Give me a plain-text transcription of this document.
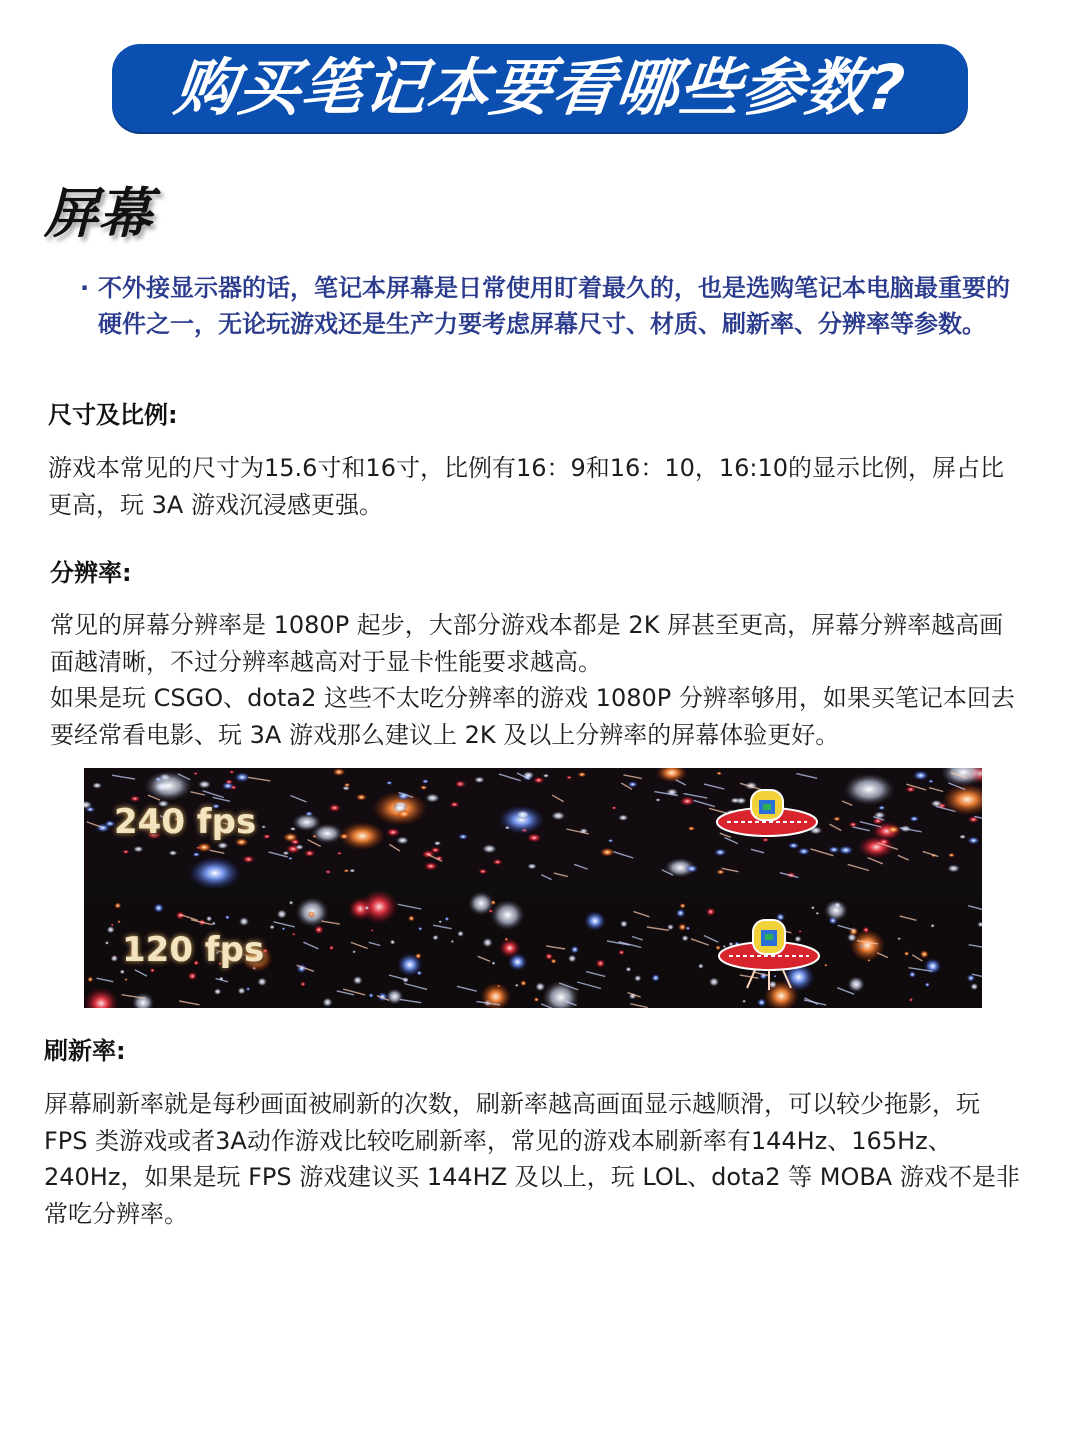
购买笔记本要看哪些参数?
屏幕
· 不外接显示器的话，笔记本屏幕是日常使用盯着最久的，也是选购笔记本电脑最重要的硬件之一，无论玩游戏还是生产力要考虑屏幕尺寸、材质、刷新率、分辨率等参数。
尺寸及比例:

游戏本常见的尺寸为15.6寸和16寸，比例有16：9和16：10，16:10的显示比例，屏占比更高，玩 3A 游戏沉浸感更强。

分辨率:

常见的屏幕分辨率是 1080P 起步，大部分游戏本都是 2K 屏甚至更高，屏幕分辨率越高画面越清晰，不过分辨率越高对于显卡性能要求越高。

如果是玩 CSGO、dota2 这些不太吃分辨率的游戏 1080P 分辨率够用，如果买笔记本回去要经常看电影、玩 3A 游戏那么建议上 2K 及以上分辨率的屏幕体验更好。

240 fps
120 fps
刷新率:

屏幕刷新率就是每秒画面被刷新的次数，刷新率越高画面显示越顺滑，可以较少拖影，玩 FPS 类游戏或者3A动作游戏比较吃刷新率，常见的游戏本刷新率有144Hz、165Hz、240Hz，如果是玩 FPS 游戏建议买 144HZ 及以上，玩 LOL、dota2 等 MOBA 游戏不是非常吃分辨率。
